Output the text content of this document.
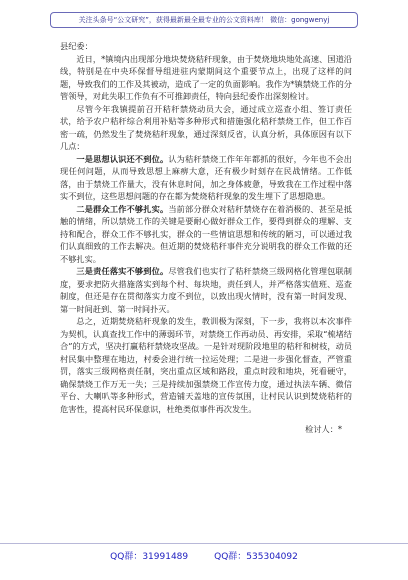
关注头条号“公文研究”，获得最新最全最专业的公文资料库！ 微信：gongwenyj

县纪委：

近日，*镇境内出现部分地块焚烧秸秆现象，由于焚烧地块地处高速、国道沿线，特别是在中央环保督导组进驻内蒙期间这个重要节点上，出现了这样的问题，导致我们的工作及其被动，造成了一定的负面影响。我作为*镇禁烧工作的分管领导，对此失职工作负有不可推卸责任，特向县纪委作出深刻检讨。

尽管今年我镇提前召开秸秆禁烧动员大会，通过成立巡查小组、签订责任状，给予农户秸秆综合利用补贴等多种形式和措施强化秸秆禁烧工作，但工作百密一疏，仍然发生了焚烧秸秆现象，通过深刻反省，认真分析，具体原因有以下几点：

一是思想认识还不到位。认为秸秆禁烧工作年年都抓的很好，今年也不会出现任何问题，从而导致思想上麻痹大意，还有极少时刻存在民战情绪。工作低落，由于禁烧工作量大，没有休息时间，加之身体疲惫，导致我在工作过程中落实不到位，这些思想问题的存在都为焚烧秸秆现象的发生埋下了思想隐患。

二是群众工作不够扎实。当前部分群众对秸秆禁烧存在着消极的、甚至是抵触的情绪，所以禁烧工作的关键是要耐心做好群众工作，要得到群众的理解、支持和配合，群众工作不够扎实，群众的一些情谊思想和传统的陋习，可以通过我们认真细致的工作去解决。但近期的焚烧秸秆事件充分说明我的群众工作做的还不够扎实。

三是责任落实不够到位。尽管我们也实行了秸秆禁烧三级网格化管理包联制度，要求把防火措施落实到每个村、每块地，责任到人，并严格落实值班、巡查制度，但还是存在贯彻落实力度不到位，以致出现火情时，没有第一时间发现、第一时间赶到、第一时间扑灭。

总之，近期焚烧秸秆现象的发生，教训极为深刻，下一步，我将以本次事件为契机，认真查找工作中的薄弱环节，对禁烧工作再动员、再安排，采取“梳堵结合”的方式，坚决打赢秸秆禁烧攻坚战。一是针对现阶段地里的秸秆和树枝，动员村民集中整理在地边，村委会进行统一拉运处理；二是进一步强化督查，严管重罚，落实三级网格责任制，突出重点区域和路段，重点时段和地块，死看硬守，确保禁烧工作万无一失；三是持续加强禁烧工作宣传力度，通过执法车辆、微信平台、大喇叭等多种形式，营造铺天盖地的宣传氛围，让村民认识到焚烧秸秆的危害性，提高村民环保意识，杜绝类似事件再次发生。

检讨人：*

QQ群：31991489	QQ群：535304092
